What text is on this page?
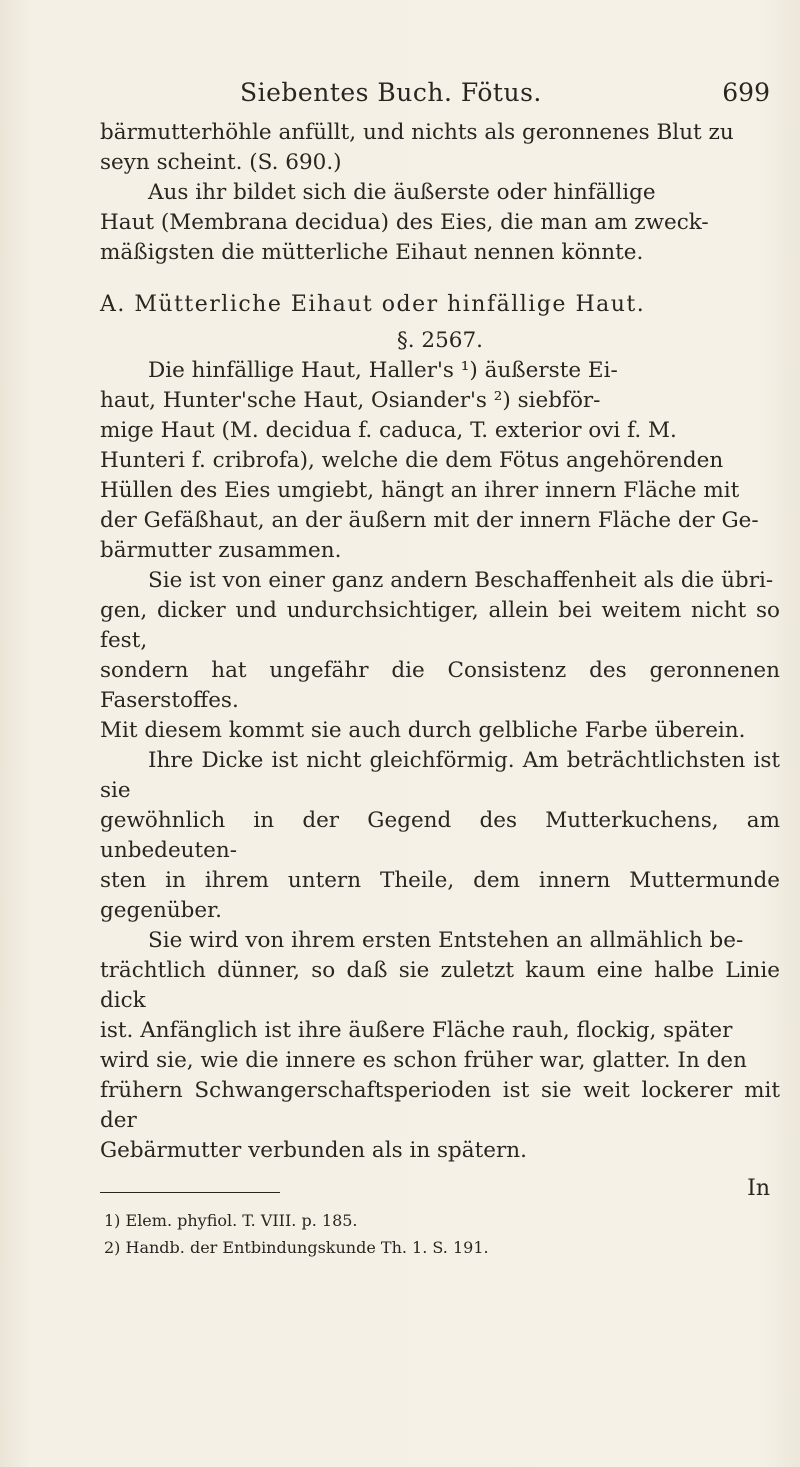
Siebentes Buch. Fötus.	699

bärmutterhöhle anfüllt, und nichts als geronnenes Blut zu

seyn scheint. (S. 690.)

Aus ihr bildet sich die äußerste oder hinfällige

Haut (Membrana decidua) des Eies, die man am zweck-

mäßigsten die mütterliche Eihaut nennen könnte.

A. Mütterliche Eihaut oder hinfällige Haut.

§. 2567.

Die hinfällige Haut, Haller's ¹) äußerste Ei-

haut, Hunter'sche Haut, Osiander's ²) siebför-

mige Haut (M. decidua f. caduca, T. exterior ovi f. M.

Hunteri f. cribrofa), welche die dem Fötus angehörenden

Hüllen des Eies umgiebt, hängt an ihrer innern Fläche mit

der Gefäßhaut, an der äußern mit der innern Fläche der Ge-

bärmutter zusammen.

Sie ist von einer ganz andern Beschaffenheit als die übri-

gen, dicker und undurchsichtiger, allein bei weitem nicht so fest,

sondern hat ungefähr die Consistenz des geronnenen Faserstoffes.

Mit diesem kommt sie auch durch gelbliche Farbe überein.

Ihre Dicke ist nicht gleichförmig. Am beträchtlichsten ist sie

gewöhnlich in der Gegend des Mutterkuchens, am unbedeuten-

sten in ihrem untern Theile, dem innern Muttermunde gegenüber.

Sie wird von ihrem ersten Entstehen an allmählich be-

trächtlich dünner, so daß sie zuletzt kaum eine halbe Linie dick

ist. Anfänglich ist ihre äußere Fläche rauh, flockig, später

wird sie, wie die innere es schon früher war, glatter. In den

frühern Schwangerschaftsperioden ist sie weit lockerer mit der

Gebärmutter verbunden als in spätern.

In

1) Elem. phyfiol. T. VIII. p. 185.

2) Handb. der Entbindungskunde Th. 1. S. 191.
